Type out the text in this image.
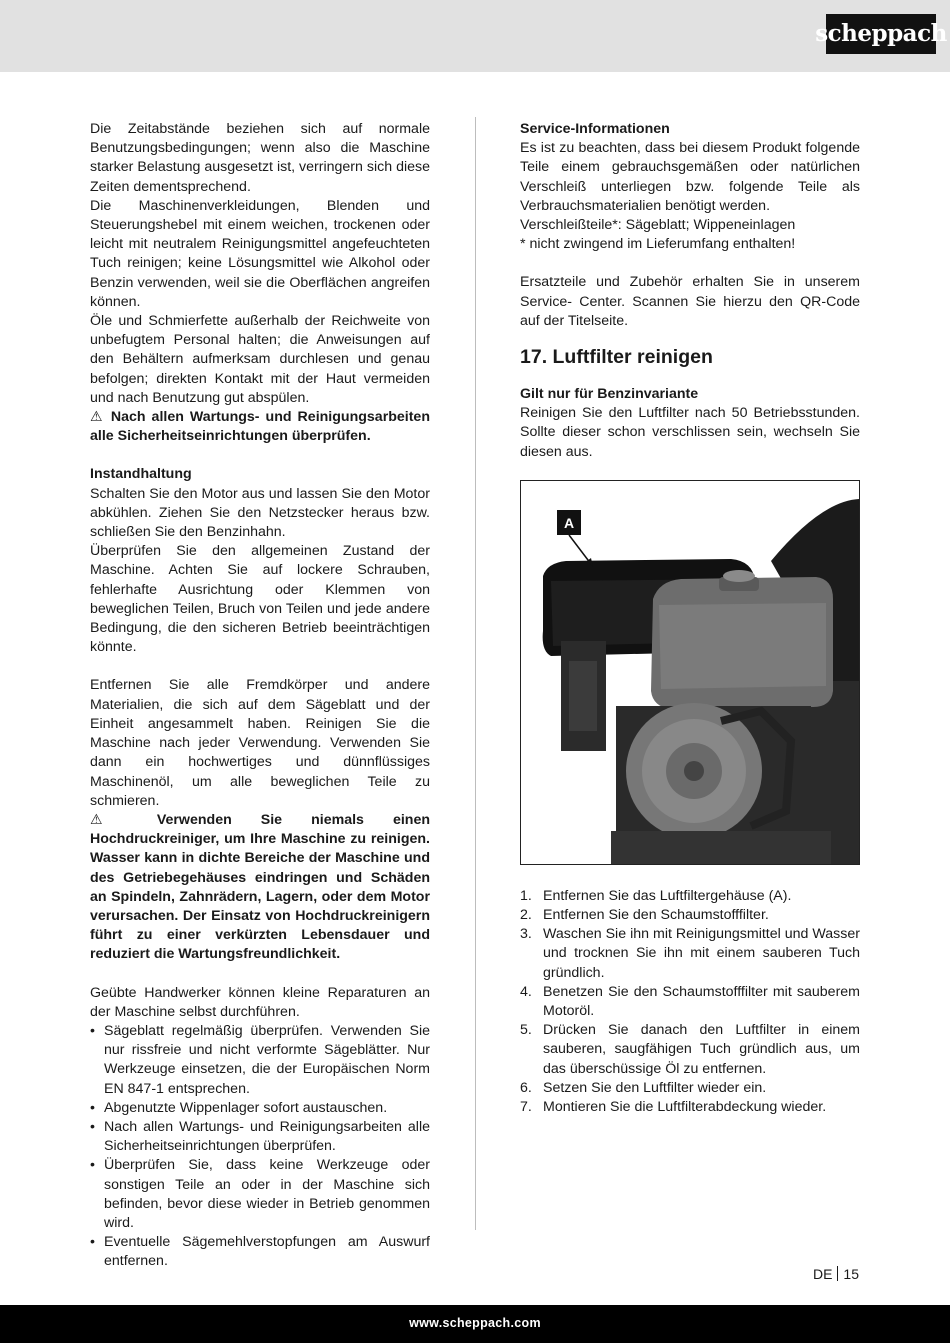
scheppach

Die Zeitabstände beziehen sich auf normale Benutzungsbedingungen; wenn also die Maschine starker Belastung ausgesetzt ist, verringern sich diese Zeiten dementsprechend.

Die Maschinenverkleidungen, Blenden und Steuerungshebel mit einem weichen, trockenen oder leicht mit neutralem Reinigungsmittel angefeuchteten Tuch reinigen; keine Lösungsmittel wie Alkohol oder Benzin verwenden, weil sie die Oberflächen angreifen können.

Öle und Schmierfette außerhalb der Reichweite von unbefugtem Personal halten; die Anweisungen auf den Behältern aufmerksam durchlesen und genau befolgen; direkten Kontakt mit der Haut vermeiden und nach Benutzung gut abspülen.

⚠ Nach allen Wartungs- und Reinigungsarbeiten alle Sicherheitseinrichtungen überprüfen.

Instandhaltung

Schalten Sie den Motor aus und lassen Sie den Motor abkühlen. Ziehen Sie den Netzstecker heraus bzw. schließen Sie den Benzinhahn.

Überprüfen Sie den allgemeinen Zustand der Maschine. Achten Sie auf lockere Schrauben, fehlerhafte Ausrichtung oder Klemmen von beweglichen Teilen, Bruch von Teilen und jede andere Bedingung, die den sicheren Betrieb beeinträchtigen könnte.

Entfernen Sie alle Fremdkörper und andere Materialien, die sich auf dem Sägeblatt und der Einheit angesammelt haben. Reinigen Sie die Maschine nach jeder Verwendung. Verwenden Sie dann ein hochwertiges und dünnflüssiges Maschinenöl, um alle beweglichen Teile zu schmieren.

⚠ Verwenden Sie niemals einen Hochdruckreiniger, um Ihre Maschine zu reinigen. Wasser kann in dichte Bereiche der Maschine und des Getriebegehäuses eindringen und Schäden an Spindeln, Zahnrädern, Lagern, oder dem Motor verursachen. Der Einsatz von Hochdruckreinigern führt zu einer verkürzten Lebensdauer und reduziert die Wartungsfreundlichkeit.

Geübte Handwerker können kleine Reparaturen an der Maschine selbst durchführen.

• Sägeblatt regelmäßig überprüfen. Verwenden Sie nur rissfreie und nicht verformte Sägeblätter. Nur Werkzeuge einsetzen, die der Europäischen Norm EN 847-1 entsprechen.
• Abgenutzte Wippenlager sofort austauschen.
• Nach allen Wartungs- und Reinigungsarbeiten alle Sicherheitseinrichtungen überprüfen.
• Überprüfen Sie, dass keine Werkzeuge oder sonstigen Teile an oder in der Maschine sich befinden, bevor diese wieder in Betrieb genommen wird.
• Eventuelle Sägemehlverstopfungen am Auswurf entfernen.

Service-Informationen

Es ist zu beachten, dass bei diesem Produkt folgende Teile einem gebrauchsgemäßen oder natürlichen Verschleiß unterliegen bzw. folgende Teile als Verbrauchsmaterialien benötigt werden.

Verschleißteile*: Sägeblatt; Wippeneinlagen

* nicht zwingend im Lieferumfang enthalten!

Ersatzteile und Zubehör erhalten Sie in unserem Service- Center. Scannen Sie hierzu den QR-Code auf der Titelseite.

17. Luftfilter reinigen

Gilt nur für Benzinvariante

Reinigen Sie den Luftfilter nach 50 Betriebsstunden. Sollte dieser schon verschlissen sein, wechseln Sie diesen aus.

A
1. Entfernen Sie das Luftfiltergehäuse (A).
2. Entfernen Sie den Schaumstofffilter.
3. Waschen Sie ihn mit Reinigungsmittel und Wasser und trocknen Sie ihn mit einem sauberen Tuch gründlich.
4. Benetzen Sie den Schaumstofffilter mit sauberem Motoröl.
5. Drücken Sie danach den Luftfilter in einem sauberen, saugfähigen Tuch gründlich aus, um das überschüssige Öl zu entfernen.
6. Setzen Sie den Luftfilter wieder ein.
7. Montieren Sie die Luftfilterabdeckung wieder.
DE 15
www.scheppach.com
